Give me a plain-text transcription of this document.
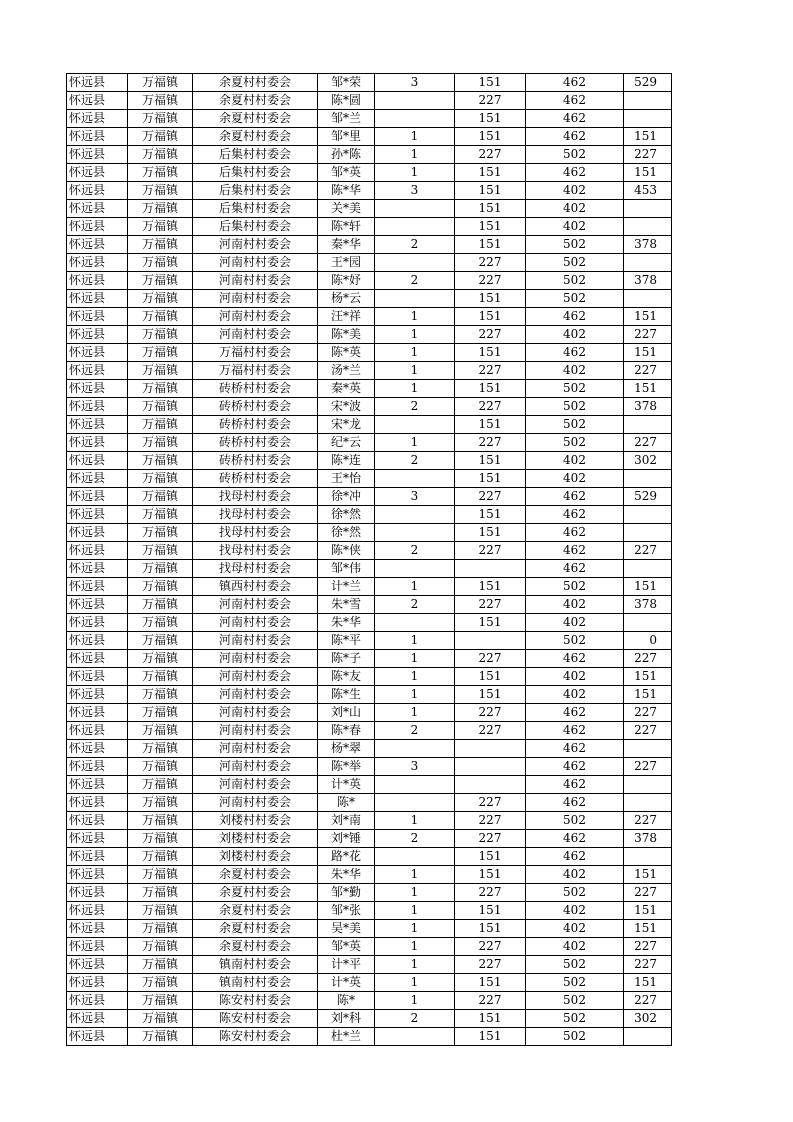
怀远县	万福镇	余夏村村委会	邹*荣	3	151	462	529
怀远县	万福镇	余夏村村委会	陈*圆		227	462	
怀远县	万福镇	余夏村村委会	邹*兰		151	462	
怀远县	万福镇	余夏村村委会	邹*里	1	151	462	151
怀远县	万福镇	后集村村委会	孙*陈	1	227	502	227
怀远县	万福镇	后集村村委会	邹*英	1	151	462	151
怀远县	万福镇	后集村村委会	陈*华	3	151	402	453
怀远县	万福镇	后集村村委会	关*美		151	402	
怀远县	万福镇	后集村村委会	陈*轩		151	402	
怀远县	万福镇	河南村村委会	秦*华	2	151	502	378
怀远县	万福镇	河南村村委会	王*园		227	502	
怀远县	万福镇	河南村村委会	陈*妤	2	227	502	378
怀远县	万福镇	河南村村委会	杨*云		151	502	
怀远县	万福镇	河南村村委会	汪*祥	1	151	462	151
怀远县	万福镇	河南村村委会	陈*美	1	227	402	227
怀远县	万福镇	万福村村委会	陈*英	1	151	462	151
怀远县	万福镇	万福村村委会	汤*兰	1	227	402	227
怀远县	万福镇	砖桥村村委会	秦*英	1	151	502	151
怀远县	万福镇	砖桥村村委会	宋*波	2	227	502	378
怀远县	万福镇	砖桥村村委会	宋*龙		151	502	
怀远县	万福镇	砖桥村村委会	纪*云	1	227	502	227
怀远县	万福镇	砖桥村村委会	陈*连	2	151	402	302
怀远县	万福镇	砖桥村村委会	王*怡		151	402	
怀远县	万福镇	找母村村委会	徐*冲	3	227	462	529
怀远县	万福镇	找母村村委会	徐*然		151	462	
怀远县	万福镇	找母村村委会	徐*然		151	462	
怀远县	万福镇	找母村村委会	陈*侠	2	227	462	227
怀远县	万福镇	找母村村委会	邹*伟			462	
怀远县	万福镇	镇西村村委会	计*兰	1	151	502	151
怀远县	万福镇	河南村村委会	朱*雪	2	227	402	378
怀远县	万福镇	河南村村委会	朱*华		151	402	
怀远县	万福镇	河南村村委会	陈*平	1		502	0
怀远县	万福镇	河南村村委会	陈*子	1	227	462	227
怀远县	万福镇	河南村村委会	陈*友	1	151	402	151
怀远县	万福镇	河南村村委会	陈*生	1	151	402	151
怀远县	万福镇	河南村村委会	刘*山	1	227	462	227
怀远县	万福镇	河南村村委会	陈*春	2	227	462	227
怀远县	万福镇	河南村村委会	杨*翠			462	
怀远县	万福镇	河南村村委会	陈*举	3		462	227
怀远县	万福镇	河南村村委会	计*英			462	
怀远县	万福镇	河南村村委会	陈*		227	462	
怀远县	万福镇	刘楼村村委会	刘*南	1	227	502	227
怀远县	万福镇	刘楼村村委会	刘*锤	2	227	462	378
怀远县	万福镇	刘楼村村委会	路*花		151	462	
怀远县	万福镇	余夏村村委会	朱*华	1	151	402	151
怀远县	万福镇	余夏村村委会	邹*勤	1	227	502	227
怀远县	万福镇	余夏村村委会	邹*张	1	151	402	151
怀远县	万福镇	余夏村村委会	吴*美	1	151	402	151
怀远县	万福镇	余夏村村委会	邹*英	1	227	402	227
怀远县	万福镇	镇南村村委会	计*平	1	227	502	227
怀远县	万福镇	镇南村村委会	计*英	1	151	502	151
怀远县	万福镇	陈安村村委会	陈*	1	227	502	227
怀远县	万福镇	陈安村村委会	刘*科	2	151	502	302
怀远县	万福镇	陈安村村委会	杜*兰		151	502	
